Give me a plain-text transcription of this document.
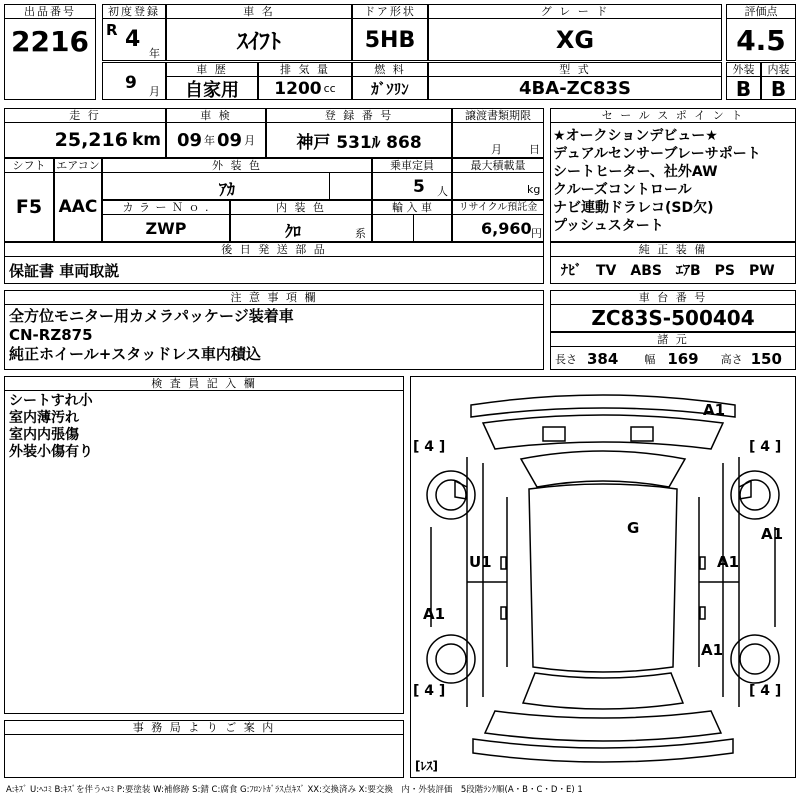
出品番号
2216
初度登録
R 4
年
9 月
車 名
ｽｲﾌﾄ
車 歴
自家用
排 気 量
1200 cc
ドア形状
5HB
燃 料
ｶﾞｿﾘﾝ
グ レ ー ド
XG
型 式
4BA-ZC83S
評価点
4.5
外装
B
内装
B
走 行
25,216 km
車 検
09 年 09 月
登 録 番 号
神戸 531ﾙ 868
譲渡書類期限
月 日
シフト
F5
エアコン
AAC
外 装 色
ｱｶ
乗車定員
5 人
最大積載量
kg
カ ラ ー Ｎ ｏ .
ZWP
内 装 色
ｸﾛ	系
輸 入 車	リサイクル預託金
6,960 円
後 日 発 送 部 品
保証書 車両取説
セ ー ル ス ポ イ ン ト
★オークションデビュー★
デュアルセンサーブレーサポート
シートヒーター、社外AW
クルーズコントロール
ナビ連動ドラレコ(SD欠)
プッシュスタート
純 正 装 備
ﾅﾋﾞ　TV　ABS　ｴｱB　PS　PW
注 意 事 項 欄
全方位モニター用カメラパッケージ装着車
CN-RZ875
純正ホイール+スタッドレス車内積込
車 台 番 号
ZC83S-500404
諸 元
長さ 384 幅 169 高さ 150
検 査 員 記 入 欄
シートすれ小
室内薄汚れ
室内内張傷
外装小傷有り	[ 4 ]	[ 4 ]
[ 4 ]	[ 4 ]
A1
A1
G
U1	A1
A1
A1
[ﾚｽ]
事 務 局 よ り ご 案 内
A:ｷｽﾞ U:ﾍｺﾐ B:ｷｽﾞを伴うﾍｺﾐ P:要塗装 W:補修跡 S:錆 C:腐食 G:ﾌﾛﾝﾄｶﾞﾗｽ点ｷｽﾞ XX:交換済み X:要交換　内・外装評価　5段階ﾗﾝｸ順(A・B・C・D・E) 1
